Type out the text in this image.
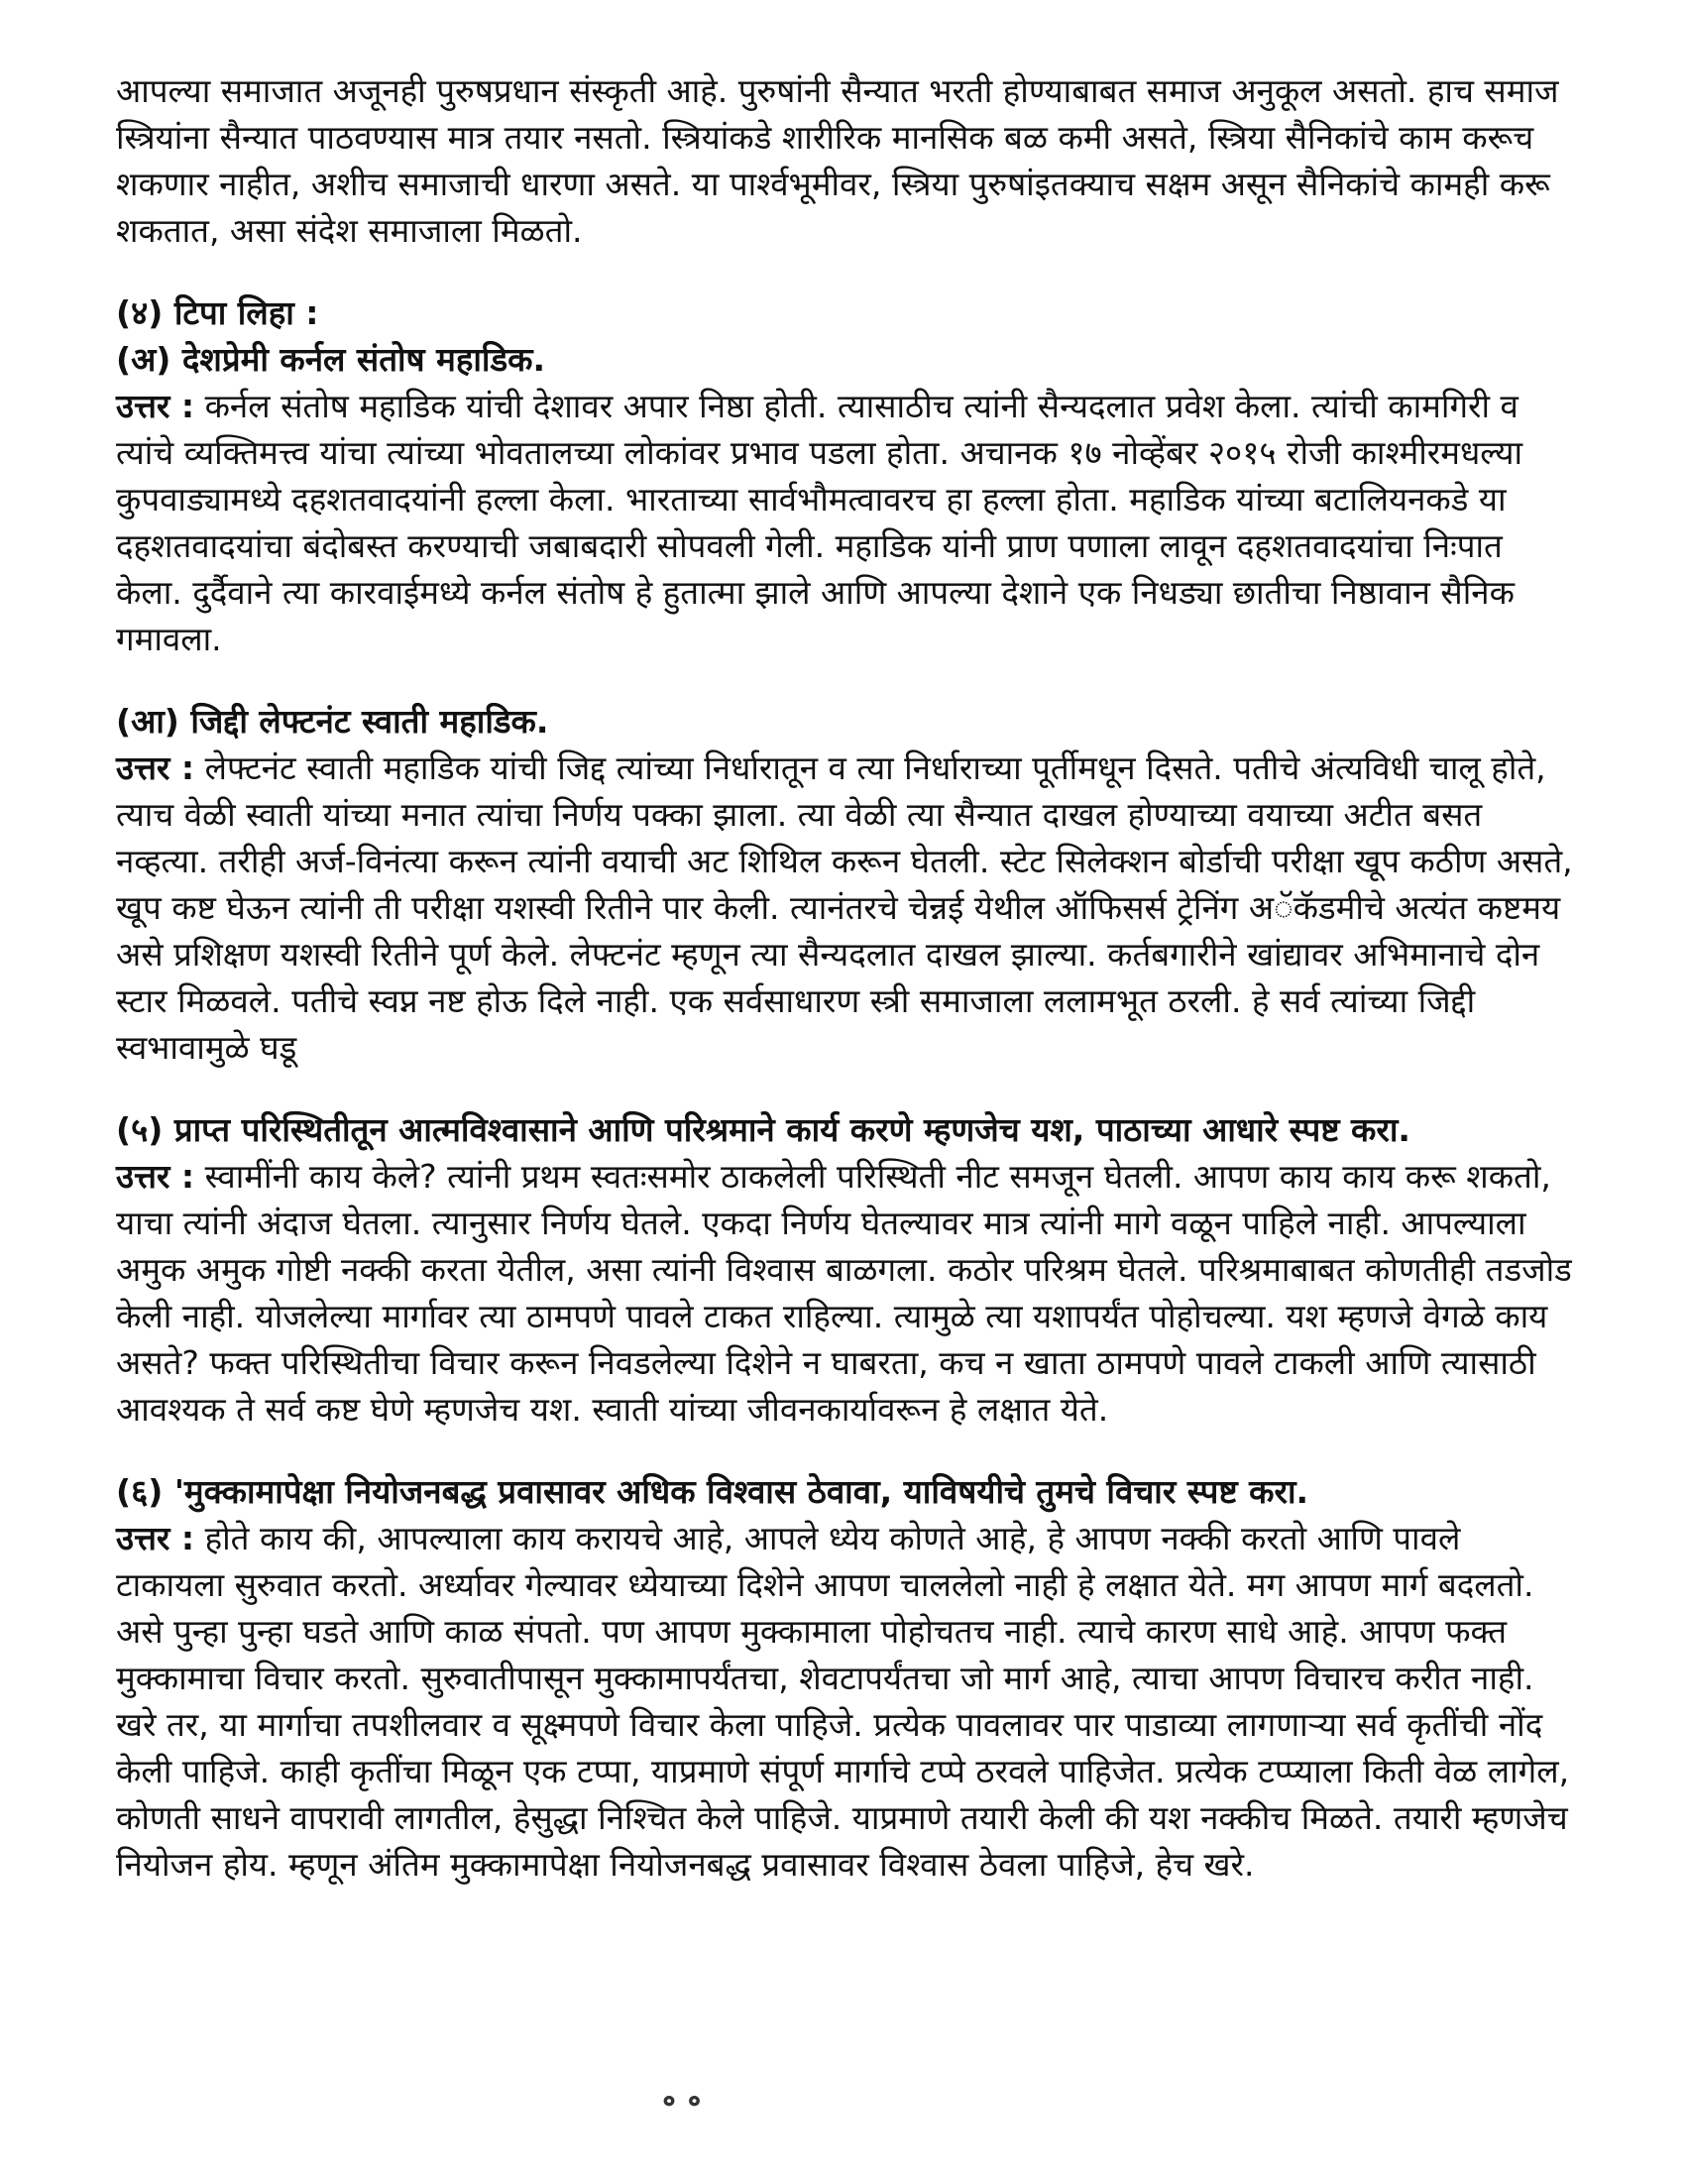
आपल्या समाजात अजूनही पुरुषप्रधान संस्कृती आहे. पुरुषांनी सैन्यात भरती होण्याबाबत समाज अनुकूल असतो. हाच समाज स्त्रियांना सैन्यात पाठवण्यास मात्र तयार नसतो. स्त्रियांकडे शारीरिक मानसिक बळ कमी असते, स्त्रिया सैनिकांचे काम करूच शकणार नाहीत, अशीच समाजाची धारणा असते. या पार्श्वभूमीवर, स्त्रिया पुरुषांइतक्याच सक्षम असून सैनिकांचे कामही करू शकतात, असा संदेश समाजाला मिळतो.

(४) टिपा लिहा :
(अ) देशप्रेमी कर्नल संतोष महाडिक.

उत्तर : कर्नल संतोष महाडिक यांची देशावर अपार निष्ठा होती. त्यासाठीच त्यांनी सैन्यदलात प्रवेश केला. त्यांची कामगिरी व त्यांचे व्यक्तिमत्त्व यांचा त्यांच्या भोवतालच्या लोकांवर प्रभाव पडला होता. अचानक १७ नोव्हेंबर २०१५ रोजी काश्मीरमधल्या कुपवाड्यामध्ये दहशतवादयांनी हल्ला केला. भारताच्या सार्वभौमत्वावरच हा हल्ला होता. महाडिक यांच्या बटालियनकडे या दहशतवादयांचा बंदोबस्त करण्याची जबाबदारी सोपवली गेली. महाडिक यांनी प्राण पणाला लावून दहशतवादयांचा निःपात केला. दुर्दैवाने त्या कारवाईमध्ये कर्नल संतोष हे हुतात्मा झाले आणि आपल्या देशाने एक निधड्या छातीचा निष्ठावान सैनिक गमावला.

(आ) जिद्दी लेफ्टनंट स्वाती महाडिक.

उत्तर : लेफ्टनंट स्वाती महाडिक यांची जिद्द त्यांच्या निर्धारातून व त्या निर्धाराच्या पूर्तीमधून दिसते. पतीचे अंत्यविधी चालू होते, त्याच वेळी स्वाती यांच्या मनात त्यांचा निर्णय पक्का झाला. त्या वेळी त्या सैन्यात दाखल होण्याच्या वयाच्या अटीत बसत नव्हत्या. तरीही अर्ज-विनंत्या करून त्यांनी वयाची अट शिथिल करून घेतली. स्टेट सिलेक्शन बोर्डाची परीक्षा खूप कठीण असते, खूप कष्ट घेऊन त्यांनी ती परीक्षा यशस्वी रितीने पार केली. त्यानंतरचे चेन्नई येथील ऑफिसर्स ट्रेनिंग अॅकॅडमीचे अत्यंत कष्टमय असे प्रशिक्षण यशस्वी रितीने पूर्ण केले. लेफ्टनंट म्हणून त्या सैन्यदलात दाखल झाल्या. कर्तबगारीने खांद्यावर अभिमानाचे दोन स्टार मिळवले. पतीचे स्वप्न नष्ट होऊ दिले नाही. एक सर्वसाधारण स्त्री समाजाला ललामभूत ठरली. हे सर्व त्यांच्या जिद्दी स्वभावामुळे घडू

(५) प्राप्त परिस्थितीतून आत्मविश्वासाने आणि परिश्रमाने कार्य करणे म्हणजेच यश, पाठाच्या आधारे स्पष्ट करा.

उत्तर : स्वामींनी काय केले? त्यांनी प्रथम स्वतःसमोर ठाकलेली परिस्थिती नीट समजून घेतली. आपण काय काय करू शकतो, याचा त्यांनी अंदाज घेतला. त्यानुसार निर्णय घेतले. एकदा निर्णय घेतल्यावर मात्र त्यांनी मागे वळून पाहिले नाही. आपल्याला अमुक अमुक गोष्टी नक्की करता येतील, असा त्यांनी विश्वास बाळगला. कठोर परिश्रम घेतले. परिश्रमाबाबत कोणतीही तडजोड केली नाही. योजलेल्या मार्गावर त्या ठामपणे पावले टाकत राहिल्या. त्यामुळे त्या यशापर्यंत पोहोचल्या. यश म्हणजे वेगळे काय असते? फक्त परिस्थितीचा विचार करून निवडलेल्या दिशेने न घाबरता, कच न खाता ठामपणे पावले टाकली आणि त्यासाठी आवश्यक ते सर्व कष्ट घेणे म्हणजेच यश. स्वाती यांच्या जीवनकार्यावरून हे लक्षात येते.

(६) 'मुक्कामापेक्षा नियोजनबद्ध प्रवासावर अधिक विश्वास ठेवावा, याविषयीचे तुमचे विचार स्पष्ट करा.

उत्तर : होते काय की, आपल्याला काय करायचे आहे, आपले ध्येय कोणते आहे, हे आपण नक्की करतो आणि पावले टाकायला सुरुवात करतो. अर्ध्यावर गेल्यावर ध्येयाच्या दिशेने आपण चाललेलो नाही हे लक्षात येते. मग आपण मार्ग बदलतो. असे पुन्हा पुन्हा घडते आणि काळ संपतो. पण आपण मुक्कामाला पोहोचतच नाही. त्याचे कारण साधे आहे. आपण फक्त मुक्कामाचा विचार करतो. सुरुवातीपासून मुक्कामापर्यंतचा, शेवटापर्यंतचा जो मार्ग आहे, त्याचा आपण विचारच करीत नाही. खरे तर, या मार्गाचा तपशीलवार व सूक्ष्मपणे विचार केला पाहिजे. प्रत्येक पावलावर पार पाडाव्या लागणाऱ्या सर्व कृतींची नोंद केली पाहिजे. काही कृतींचा मिळून एक टप्पा, याप्रमाणे संपूर्ण मार्गाचे टप्पे ठरवले पाहिजेत. प्रत्येक टप्प्याला किती वेळ लागेल, कोणती साधने वापरावी लागतील, हेसुद्धा निश्चित केले पाहिजे. याप्रमाणे तयारी केली की यश नक्कीच मिळते. तयारी म्हणजेच नियोजन होय. म्हणून अंतिम मुक्कामापेक्षा नियोजनबद्ध प्रवासावर विश्वास ठेवला पाहिजे, हेच खरे.

॰ ॰
